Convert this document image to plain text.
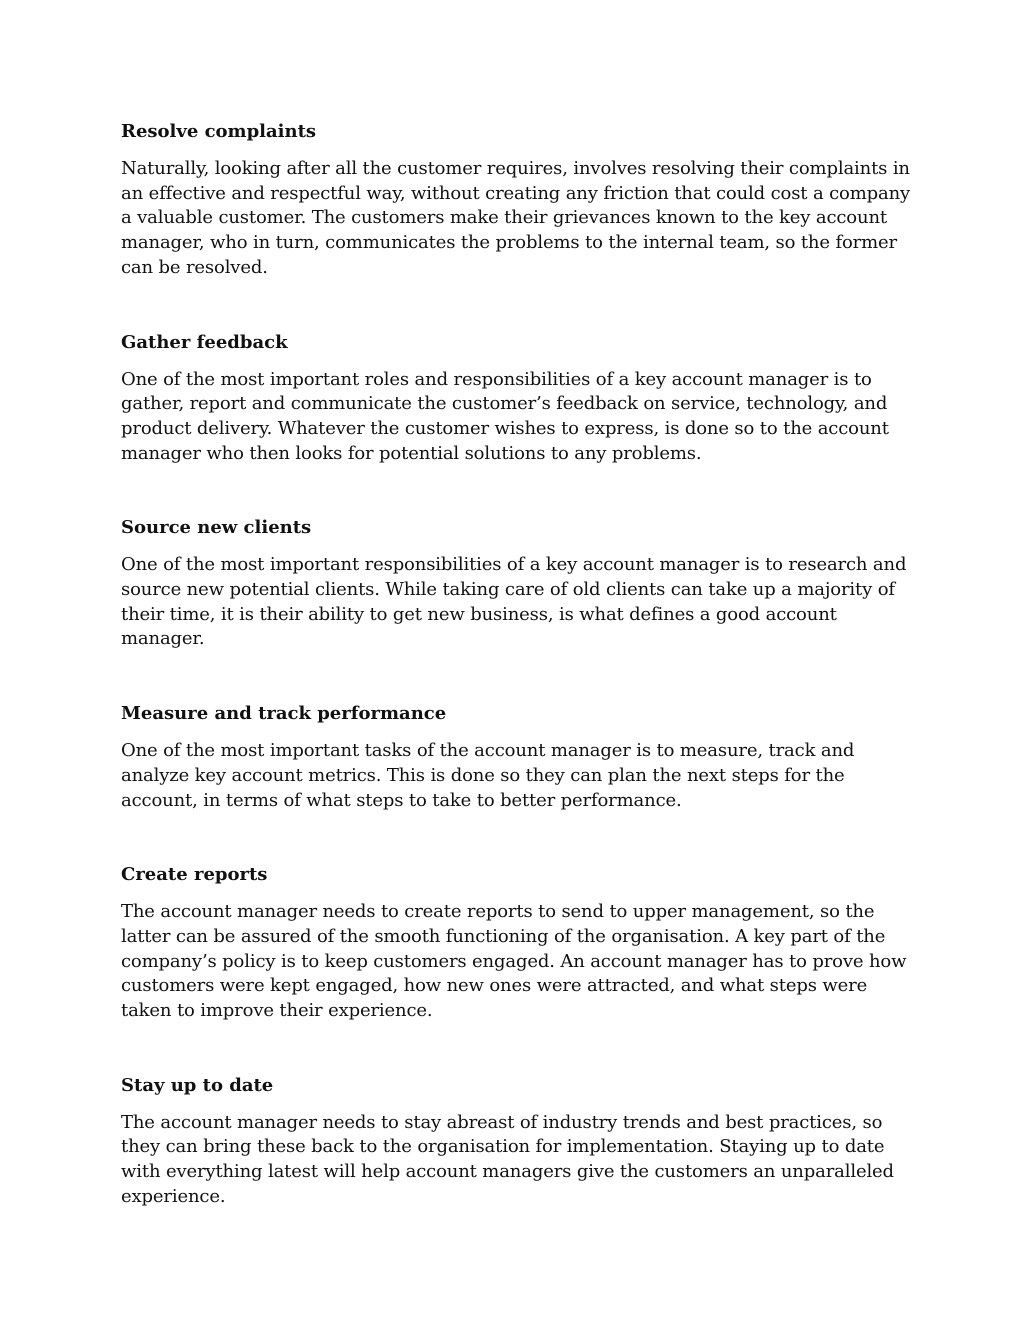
Resolve complaints

Naturally, looking after all the customer requires, involves resolving their complaints in an effective and respectful way, without creating any friction that could cost a company a valuable customer. The customers make their grievances known to the key account manager, who in turn, communicates the problems to the internal team, so the former can be resolved.

Gather feedback

One of the most important roles and responsibilities of a key account manager is to gather, report and communicate the customer’s feedback on service, technology, and product delivery. Whatever the customer wishes to express, is done so to the account manager who then looks for potential solutions to any problems.

Source new clients

One of the most important responsibilities of a key account manager is to research and source new potential clients. While taking care of old clients can take up a majority of their time, it is their ability to get new business, is what defines a good account manager.

Measure and track performance

One of the most important tasks of the account manager is to measure, track and analyze key account metrics. This is done so they can plan the next steps for the account, in terms of what steps to take to better performance.

Create reports

The account manager needs to create reports to send to upper management, so the latter can be assured of the smooth functioning of the organisation. A key part of the company’s policy is to keep customers engaged. An account manager has to prove how customers were kept engaged, how new ones were attracted, and what steps were taken to improve their experience.

Stay up to date

The account manager needs to stay abreast of industry trends and best practices, so they can bring these back to the organisation for implementation. Staying up to date with everything latest will help account managers give the customers an unparalleled experience.
